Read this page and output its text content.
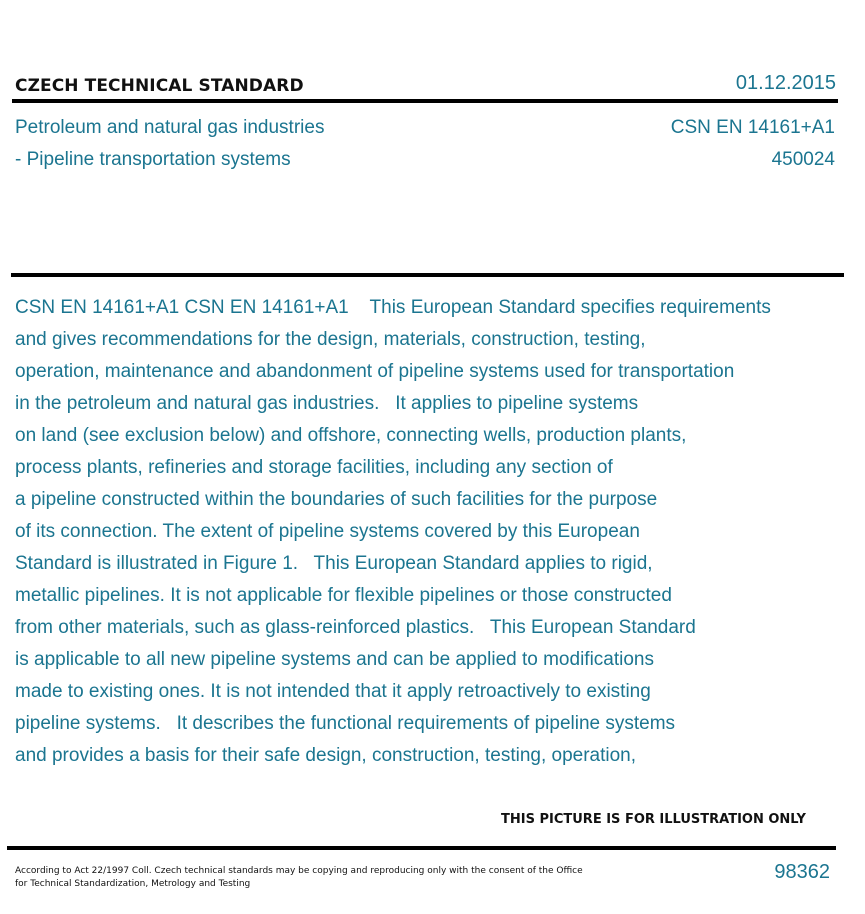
CZECH TECHNICAL STANDARD	01.12.2015
Petroleum and natural gas industries
- Pipeline transportation systems
CSN EN 14161+A1
450024
CSN EN 14161+A1 CSN EN 14161+A1    This European Standard specifies requirements
and gives recommendations for the design, materials, construction, testing,
operation, maintenance and abandonment of pipeline systems used for transportation
in the petroleum and natural gas industries.   It applies to pipeline systems
on land (see exclusion below) and offshore, connecting wells, production plants,
process plants, refineries and storage facilities, including any section of
a pipeline constructed within the boundaries of such facilities for the purpose
of its connection. The extent of pipeline systems covered by this European
Standard is illustrated in Figure 1.   This European Standard applies to rigid,
metallic pipelines. It is not applicable for flexible pipelines or those constructed
from other materials, such as glass-reinforced plastics.   This European Standard
is applicable to all new pipeline systems and can be applied to modifications
made to existing ones. It is not intended that it apply retroactively to existing
pipeline systems.   It describes the functional requirements of pipeline systems
and provides a basis for their safe design, construction, testing, operation,
THIS PICTURE IS FOR ILLUSTRATION ONLY
According to Act 22/1997 Coll. Czech technical standards may be copying and reproducing only with the consent of the Office
for Technical Standardization, Metrology and Testing
98362
